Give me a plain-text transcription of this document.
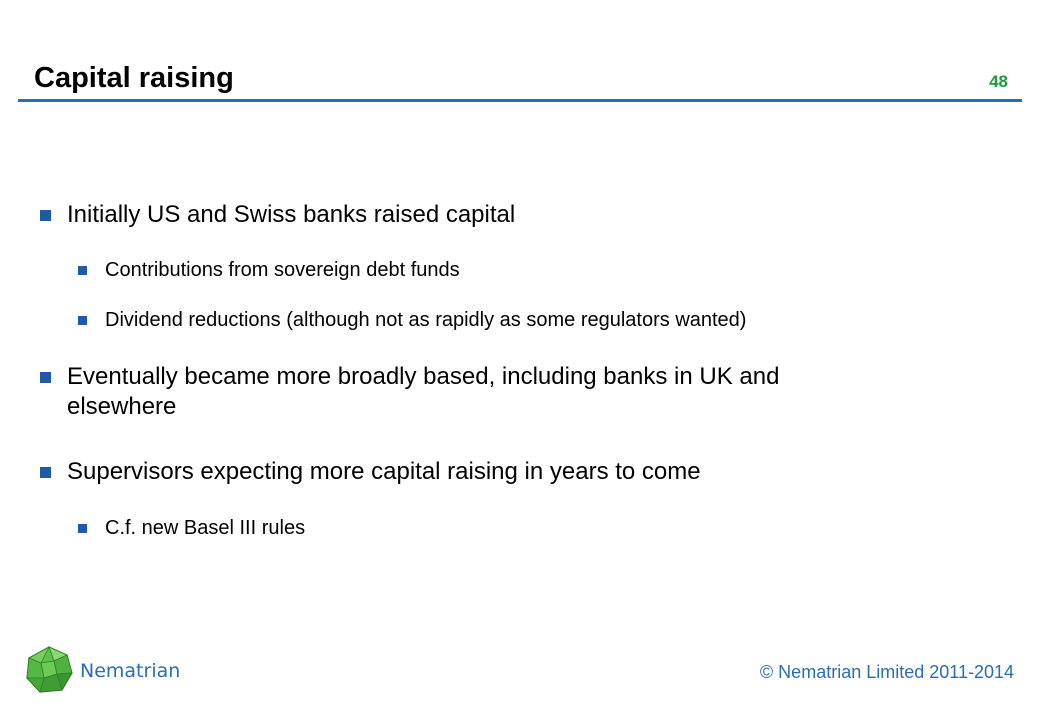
Capital raising	48
Initially US and Swiss banks raised capital
Contributions from sovereign debt funds
Dividend reductions (although not as rapidly as some regulators wanted)
Eventually became more broadly based, including banks in UK and elsewhere
Supervisors expecting more capital raising in years to come
C.f. new Basel III rules
Nematrian	© Nematrian Limited 2011-2014
